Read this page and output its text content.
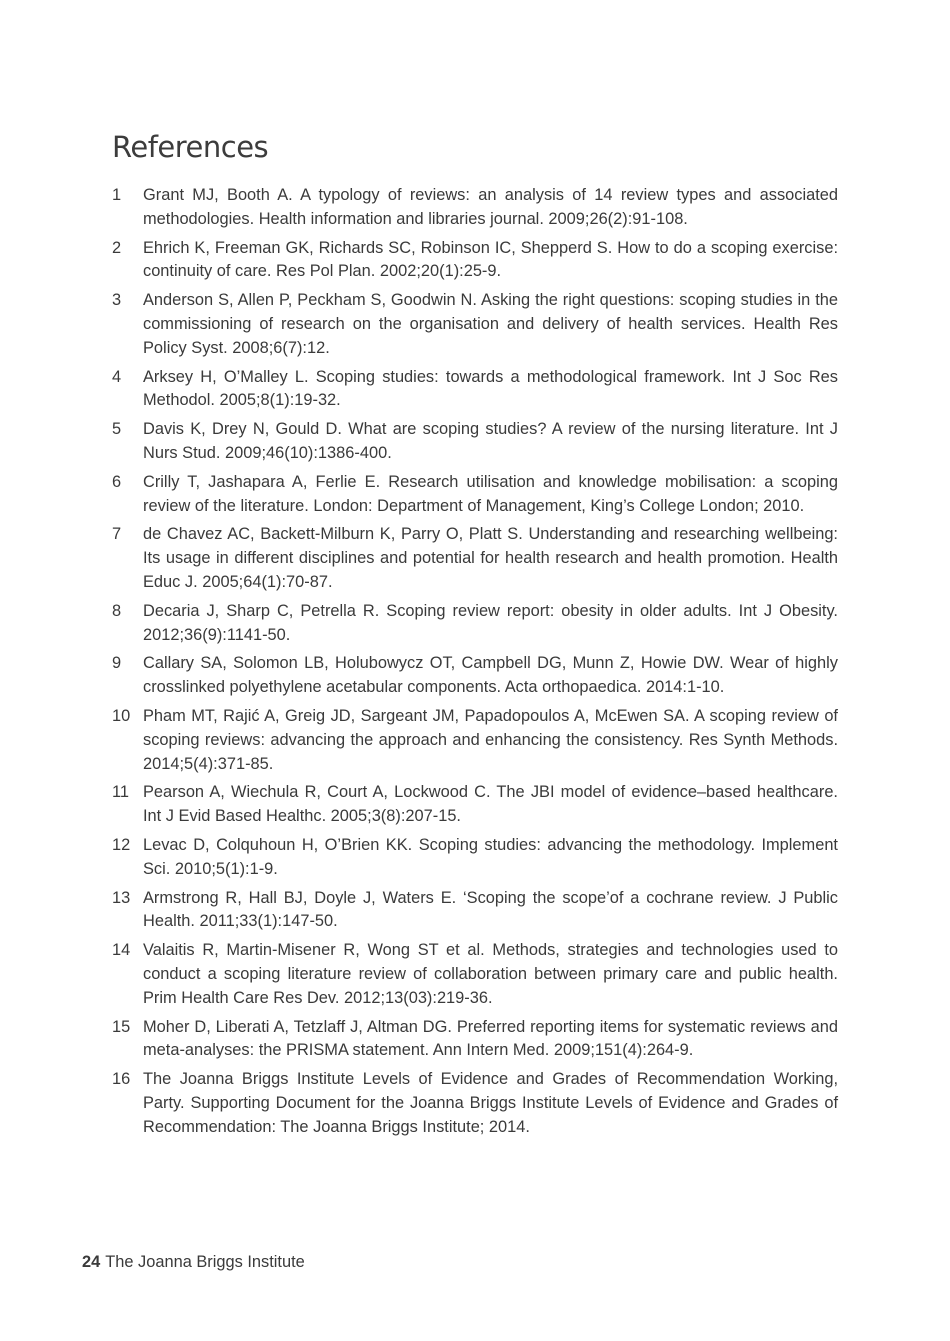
References
1	Grant MJ, Booth A. A typology of reviews: an analysis of 14 review types and associated methodologies. Health information and libraries journal. 2009;26(2):91-108.
2	Ehrich K, Freeman GK, Richards SC, Robinson IC, Shepperd S. How to do a scoping exercise: continuity of care. Res Pol Plan. 2002;20(1):25-9.
3	Anderson S, Allen P, Peckham S, Goodwin N. Asking the right questions: scoping studies in the commissioning of research on the organisation and delivery of health services. Health Res Policy Syst. 2008;6(7):12.
4	Arksey H, O’Malley L. Scoping studies: towards a methodological framework. Int J Soc Res Methodol. 2005;8(1):19-32.
5	Davis K, Drey N, Gould D. What are scoping studies? A review of the nursing literature. Int J Nurs Stud. 2009;46(10):1386-400.
6	Crilly T, Jashapara A, Ferlie E. Research utilisation and knowledge mobilisation: a scoping review of the literature. London: Department of Management, King’s College London; 2010.
7	de Chavez AC, Backett-Milburn K, Parry O, Platt S. Understanding and researching wellbeing: Its usage in different disciplines and potential for health research and health promotion. Health Educ J. 2005;64(1):70-87.
8	Decaria J, Sharp C, Petrella R. Scoping review report: obesity in older adults. Int J Obesity. 2012;36(9):1141-50.
9	Callary SA, Solomon LB, Holubowycz OT, Campbell DG, Munn Z, Howie DW. Wear of highly crosslinked polyethylene acetabular components. Acta orthopaedica. 2014:1-10.
10 Pham MT, Rajić A, Greig JD, Sargeant JM, Papadopoulos A, McEwen SA. A scoping review of scoping reviews: advancing the approach and enhancing the consistency. Res Synth Methods. 2014;5(4):371-85.
11 Pearson A, Wiechula R, Court A, Lockwood C. The JBI model of evidence–based healthcare. Int J Evid Based Healthc. 2005;3(8):207-15.
12 Levac D, Colquhoun H, O’Brien KK. Scoping studies: advancing the methodology. Implement Sci. 2010;5(1):1-9.
13 Armstrong R, Hall BJ, Doyle J, Waters E. ‘Scoping the scope’of a cochrane review. J Public Health. 2011;33(1):147-50.
14 Valaitis R, Martin-Misener R, Wong ST et al. Methods, strategies and technologies used to conduct a scoping literature review of collaboration between primary care and public health. Prim Health Care Res Dev. 2012;13(03):219-36.
15 Moher D, Liberati A, Tetzlaff J, Altman DG. Preferred reporting items for systematic reviews and meta-analyses: the PRISMA statement. Ann Intern Med. 2009;151(4):264-9.
16 The Joanna Briggs Institute Levels of Evidence and Grades of Recommendation Working, Party. Supporting Document for the Joanna Briggs Institute Levels of Evidence and Grades of Recommendation: The Joanna Briggs Institute; 2014.
24 The Joanna Briggs Institute
